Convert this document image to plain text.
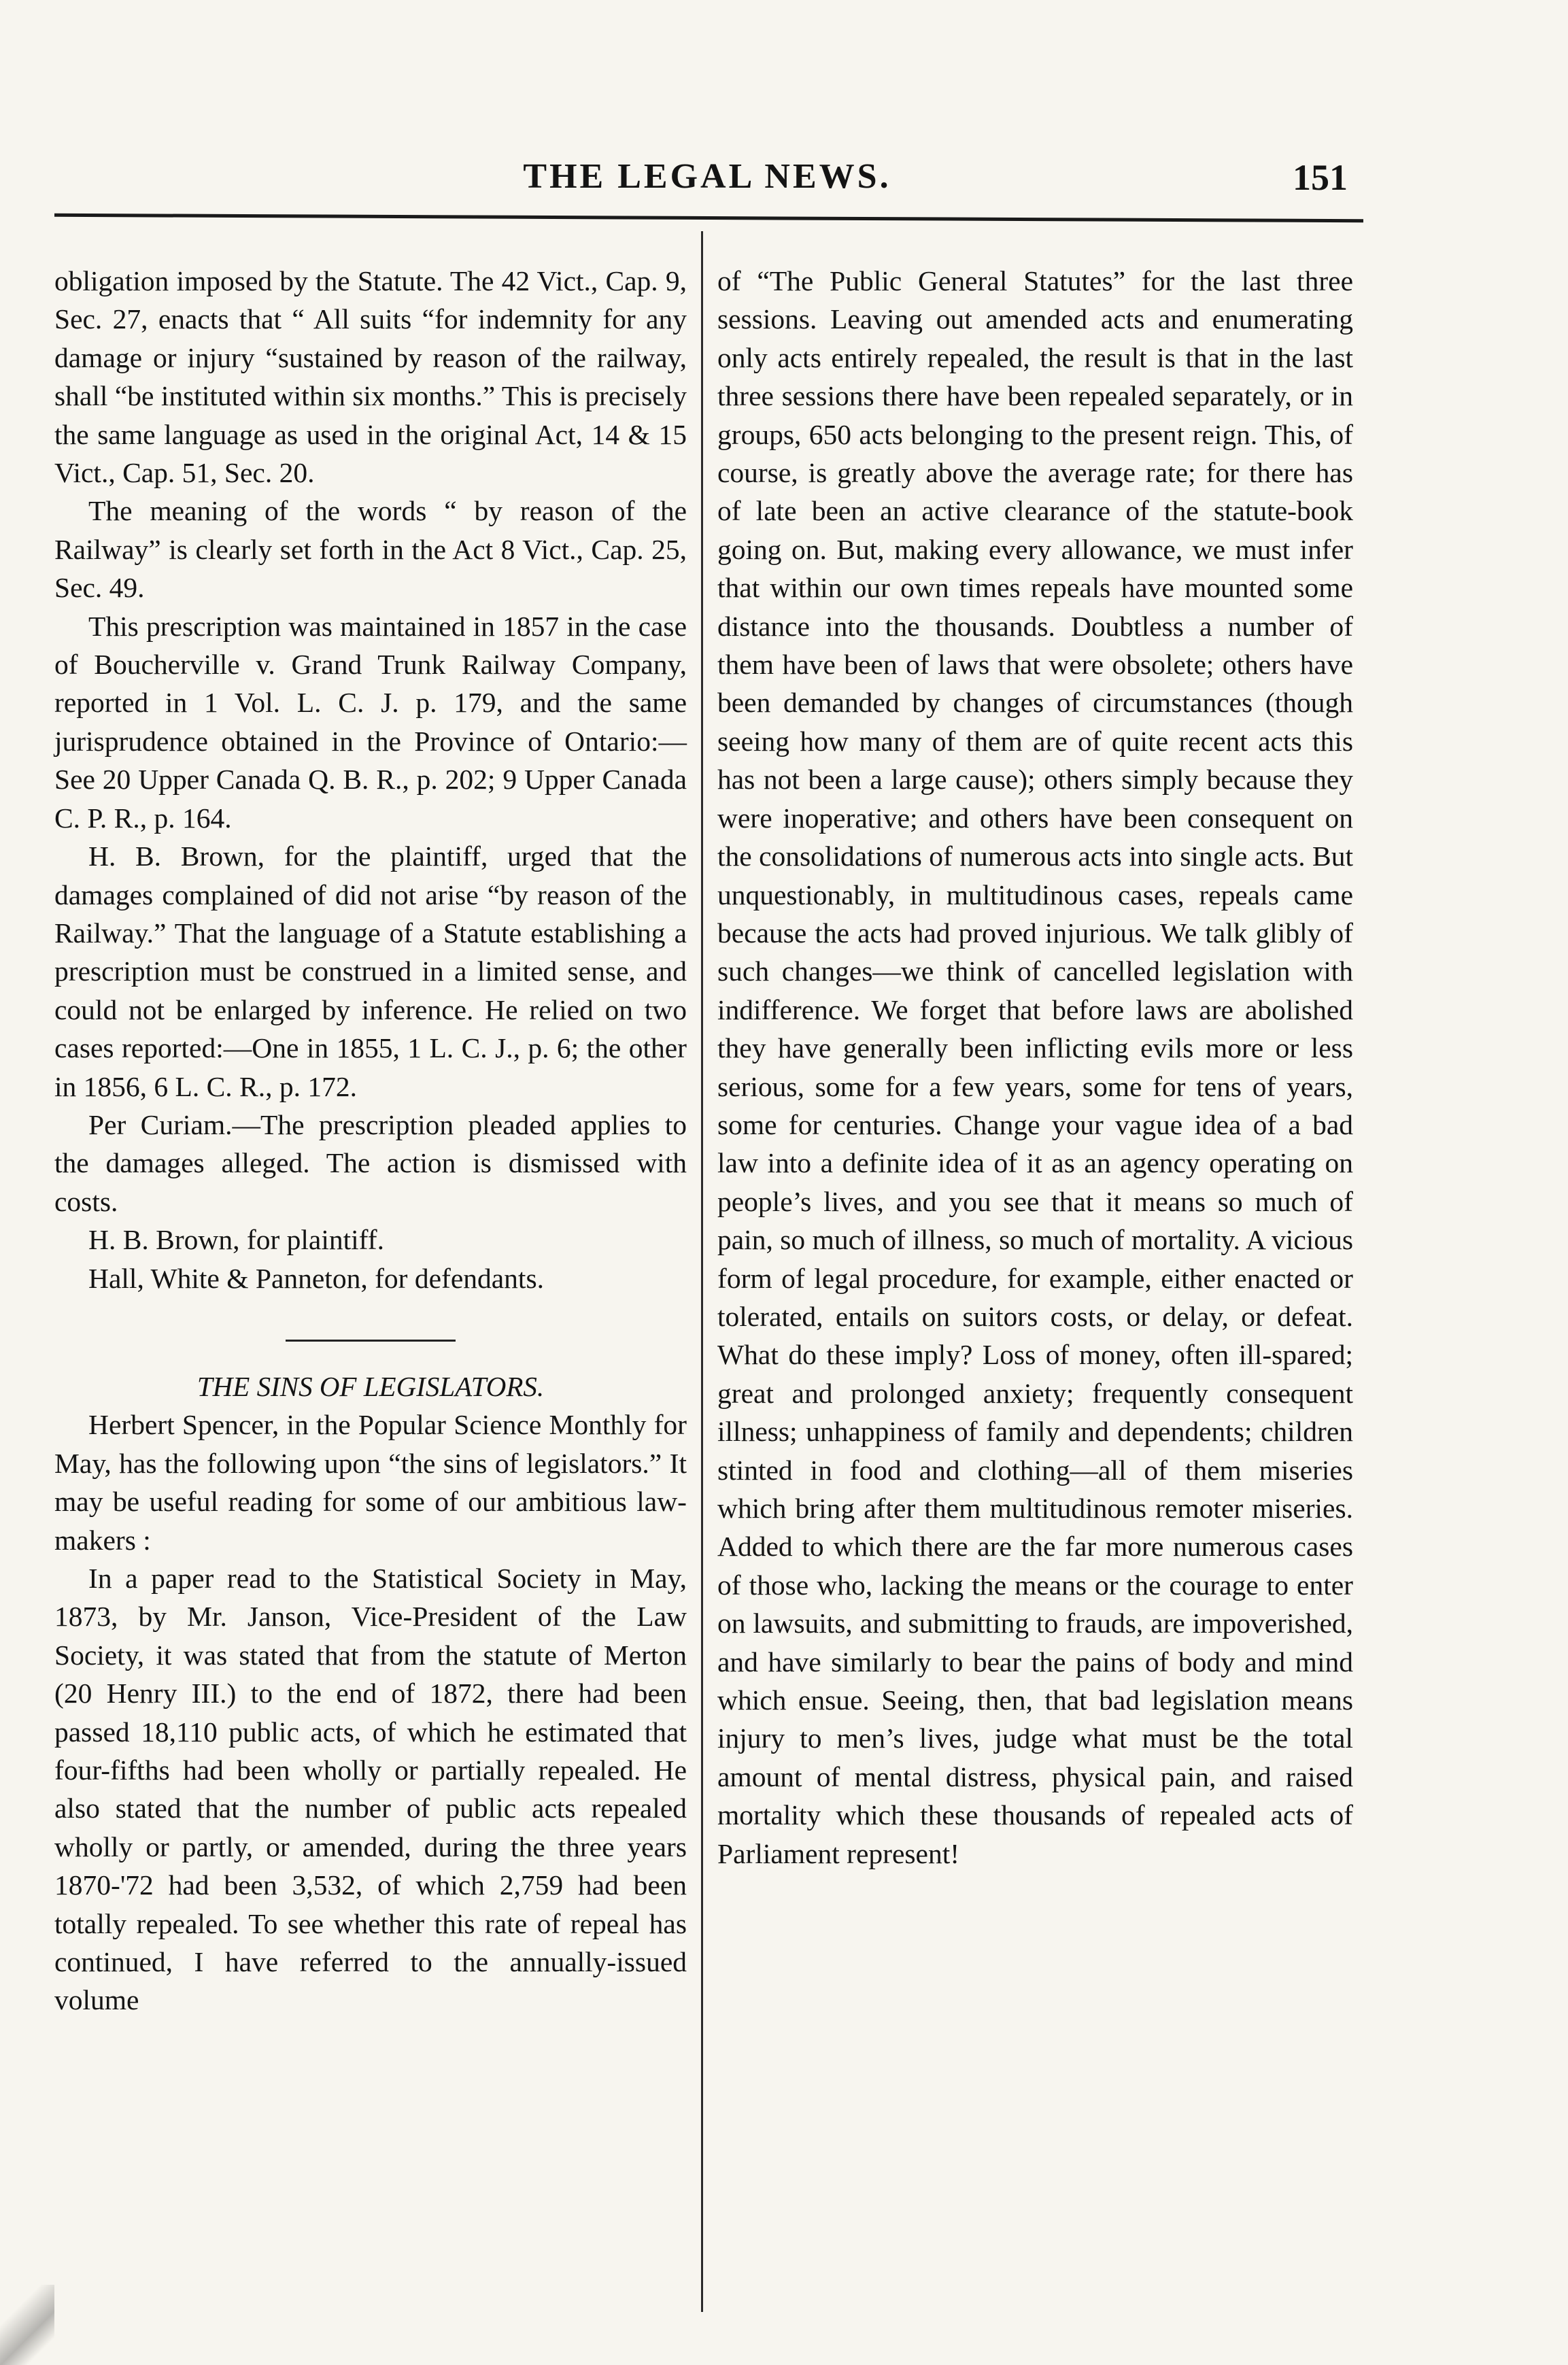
THE LEGAL NEWS.	151

obligation imposed by the Statute. The 42 Vict., Cap. 9, Sec. 27, enacts that “ All suits “for indemnity for any damage or injury “sustained by reason of the railway, shall “be instituted within six months.” This is precisely the same language as used in the original Act, 14 & 15 Vict., Cap. 51, Sec. 20.

The meaning of the words “ by reason of the Railway” is clearly set forth in the Act 8 Vict., Cap. 25, Sec. 49.

This prescription was maintained in 1857 in the case of Boucherville v. Grand Trunk Railway Company, reported in 1 Vol. L. C. J. p. 179, and the same jurisprudence obtained in the Province of Ontario:—See 20 Upper Canada Q. B. R., p. 202; 9 Upper Canada C. P. R., p. 164.

H. B. Brown, for the plaintiff, urged that the damages complained of did not arise “by reason of the Railway.” That the language of a Statute establishing a prescription must be construed in a limited sense, and could not be enlarged by inference. He relied on two cases reported:—One in 1855, 1 L. C. J., p. 6; the other in 1856, 6 L. C. R., p. 172.

Per Curiam.—The prescription pleaded applies to the damages alleged. The action is dismissed with costs.

H. B. Brown, for plaintiff.

Hall, White & Panneton, for defendants.

THE SINS OF LEGISLATORS.

Herbert Spencer, in the Popular Science Monthly for May, has the following upon “the sins of legislators.” It may be useful reading for some of our ambitious law-makers :

In a paper read to the Statistical Society in May, 1873, by Mr. Janson, Vice-President of the Law Society, it was stated that from the statute of Merton (20 Henry III.) to the end of 1872, there had been passed 18,110 public acts, of which he estimated that four-fifths had been wholly or partially repealed. He also stated that the number of public acts repealed wholly or partly, or amended, during the three years 1870-'72 had been 3,532, of which 2,759 had been totally repealed. To see whether this rate of repeal has continued, I have referred to the annually-issued volume

of “The Public General Statutes” for the last three sessions. Leaving out amended acts and enumerating only acts entirely repealed, the result is that in the last three sessions there have been repealed separately, or in groups, 650 acts belonging to the present reign. This, of course, is greatly above the average rate; for there has of late been an active clearance of the statute-book going on. But, making every allowance, we must infer that within our own times repeals have mounted some distance into the thousands. Doubtless a number of them have been of laws that were obsolete; others have been demanded by changes of circumstances (though seeing how many of them are of quite recent acts this has not been a large cause); others simply because they were inoperative; and others have been consequent on the consolidations of numerous acts into single acts. But unquestionably, in multitudinous cases, repeals came because the acts had proved injurious. We talk glibly of such changes—we think of cancelled legislation with indifference. We forget that before laws are abolished they have generally been inflicting evils more or less serious, some for a few years, some for tens of years, some for centuries. Change your vague idea of a bad law into a definite idea of it as an agency operating on people’s lives, and you see that it means so much of pain, so much of illness, so much of mortality. A vicious form of legal procedure, for example, either enacted or tolerated, entails on suitors costs, or delay, or defeat. What do these imply? Loss of money, often ill-spared; great and prolonged anxiety; frequently consequent illness; unhappiness of family and dependents; children stinted in food and clothing—all of them miseries which bring after them multitudinous remoter miseries. Added to which there are the far more numerous cases of those who, lacking the means or the courage to enter on lawsuits, and submitting to frauds, are impoverished, and have similarly to bear the pains of body and mind which ensue. Seeing, then, that bad legislation means injury to men’s lives, judge what must be the total amount of mental distress, physical pain, and raised mortality which these thousands of repealed acts of Parliament represent!
